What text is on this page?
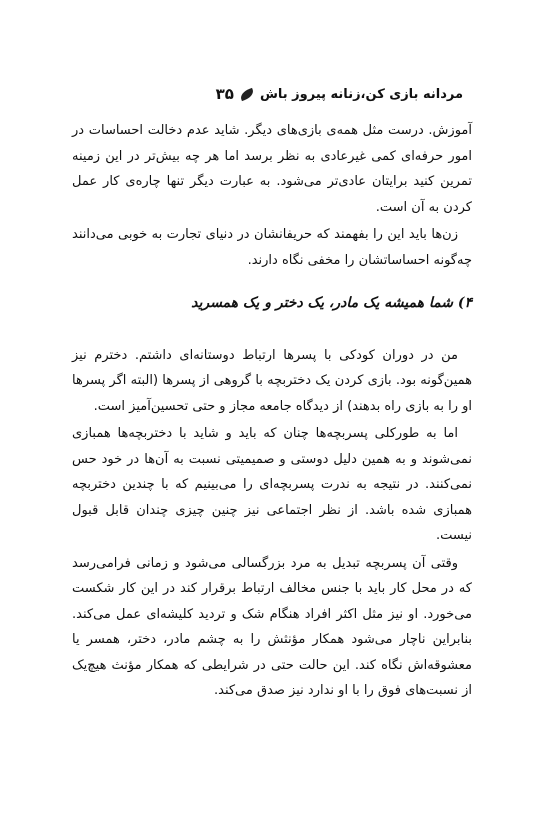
مردانه بازی کن،زنانه پیروز باش
۳۵

آموزش. درست مثل همه‌ی بازی‌های دیگر. شاید عدم دخالت احساسات در امور حرفه‌ای کمی غیرعادی به نظر برسد اما هر چه بیش‌تر در این زمینه تمرین کنید برایتان عادی‌تر می‌شود. به عبارت دیگر تنها چاره‌ی کار عمل کردن به آن است.

زن‌ها باید این را بفهمند که حریفانشان در دنیای تجارت به خوبی می‌دانند چه‌گونه احساساتشان را مخفی نگاه دارند.

۴) شما همیشه یک مادر، یک دختر و یک همسرید

من در دوران کودکی با پسرها ارتباط دوستانه‌ای داشتم. دخترم نیز همین‌گونه بود. بازی کردن یک دختربچه با گروهی از پسرها (البته اگر پسرها او را به بازی راه بدهند) از دیدگاه جامعه مجاز و حتی تحسین‌آمیز است.

اما به طورکلی پسربچه‌ها چنان که باید و شاید با دختربچه‌ها همبازی نمی‌شوند و به همین دلیل دوستی و صمیمیتی نسبت به آن‌ها در خود حس نمی‌کنند. در نتیجه به ندرت پسربچه‌ای را می‌بینیم که با چندین دختربچه همبازی شده باشد. از نظر اجتماعی نیز چنین چیزی چندان قابل قبول نیست.

وقتی آن پسربچه تبدیل به مرد بزرگسالی می‌شود و زمانی فرامی‌رسد که در محل کار باید با جنس مخالف ارتباط برقرار کند در این کار شکست می‌خورد. او نیز مثل اکثر افراد هنگام شک و تردید کلیشه‌ای عمل می‌کند. بنابراین ناچار می‌شود همکار مؤنثش را به چشم مادر، دختر، همسر یا معشوقه‌اش نگاه کند. این حالت حتی در شرایطی که همکار مؤنث هیچ‌یک از نسبت‌های فوق را با او ندارد نیز صدق می‌کند.
